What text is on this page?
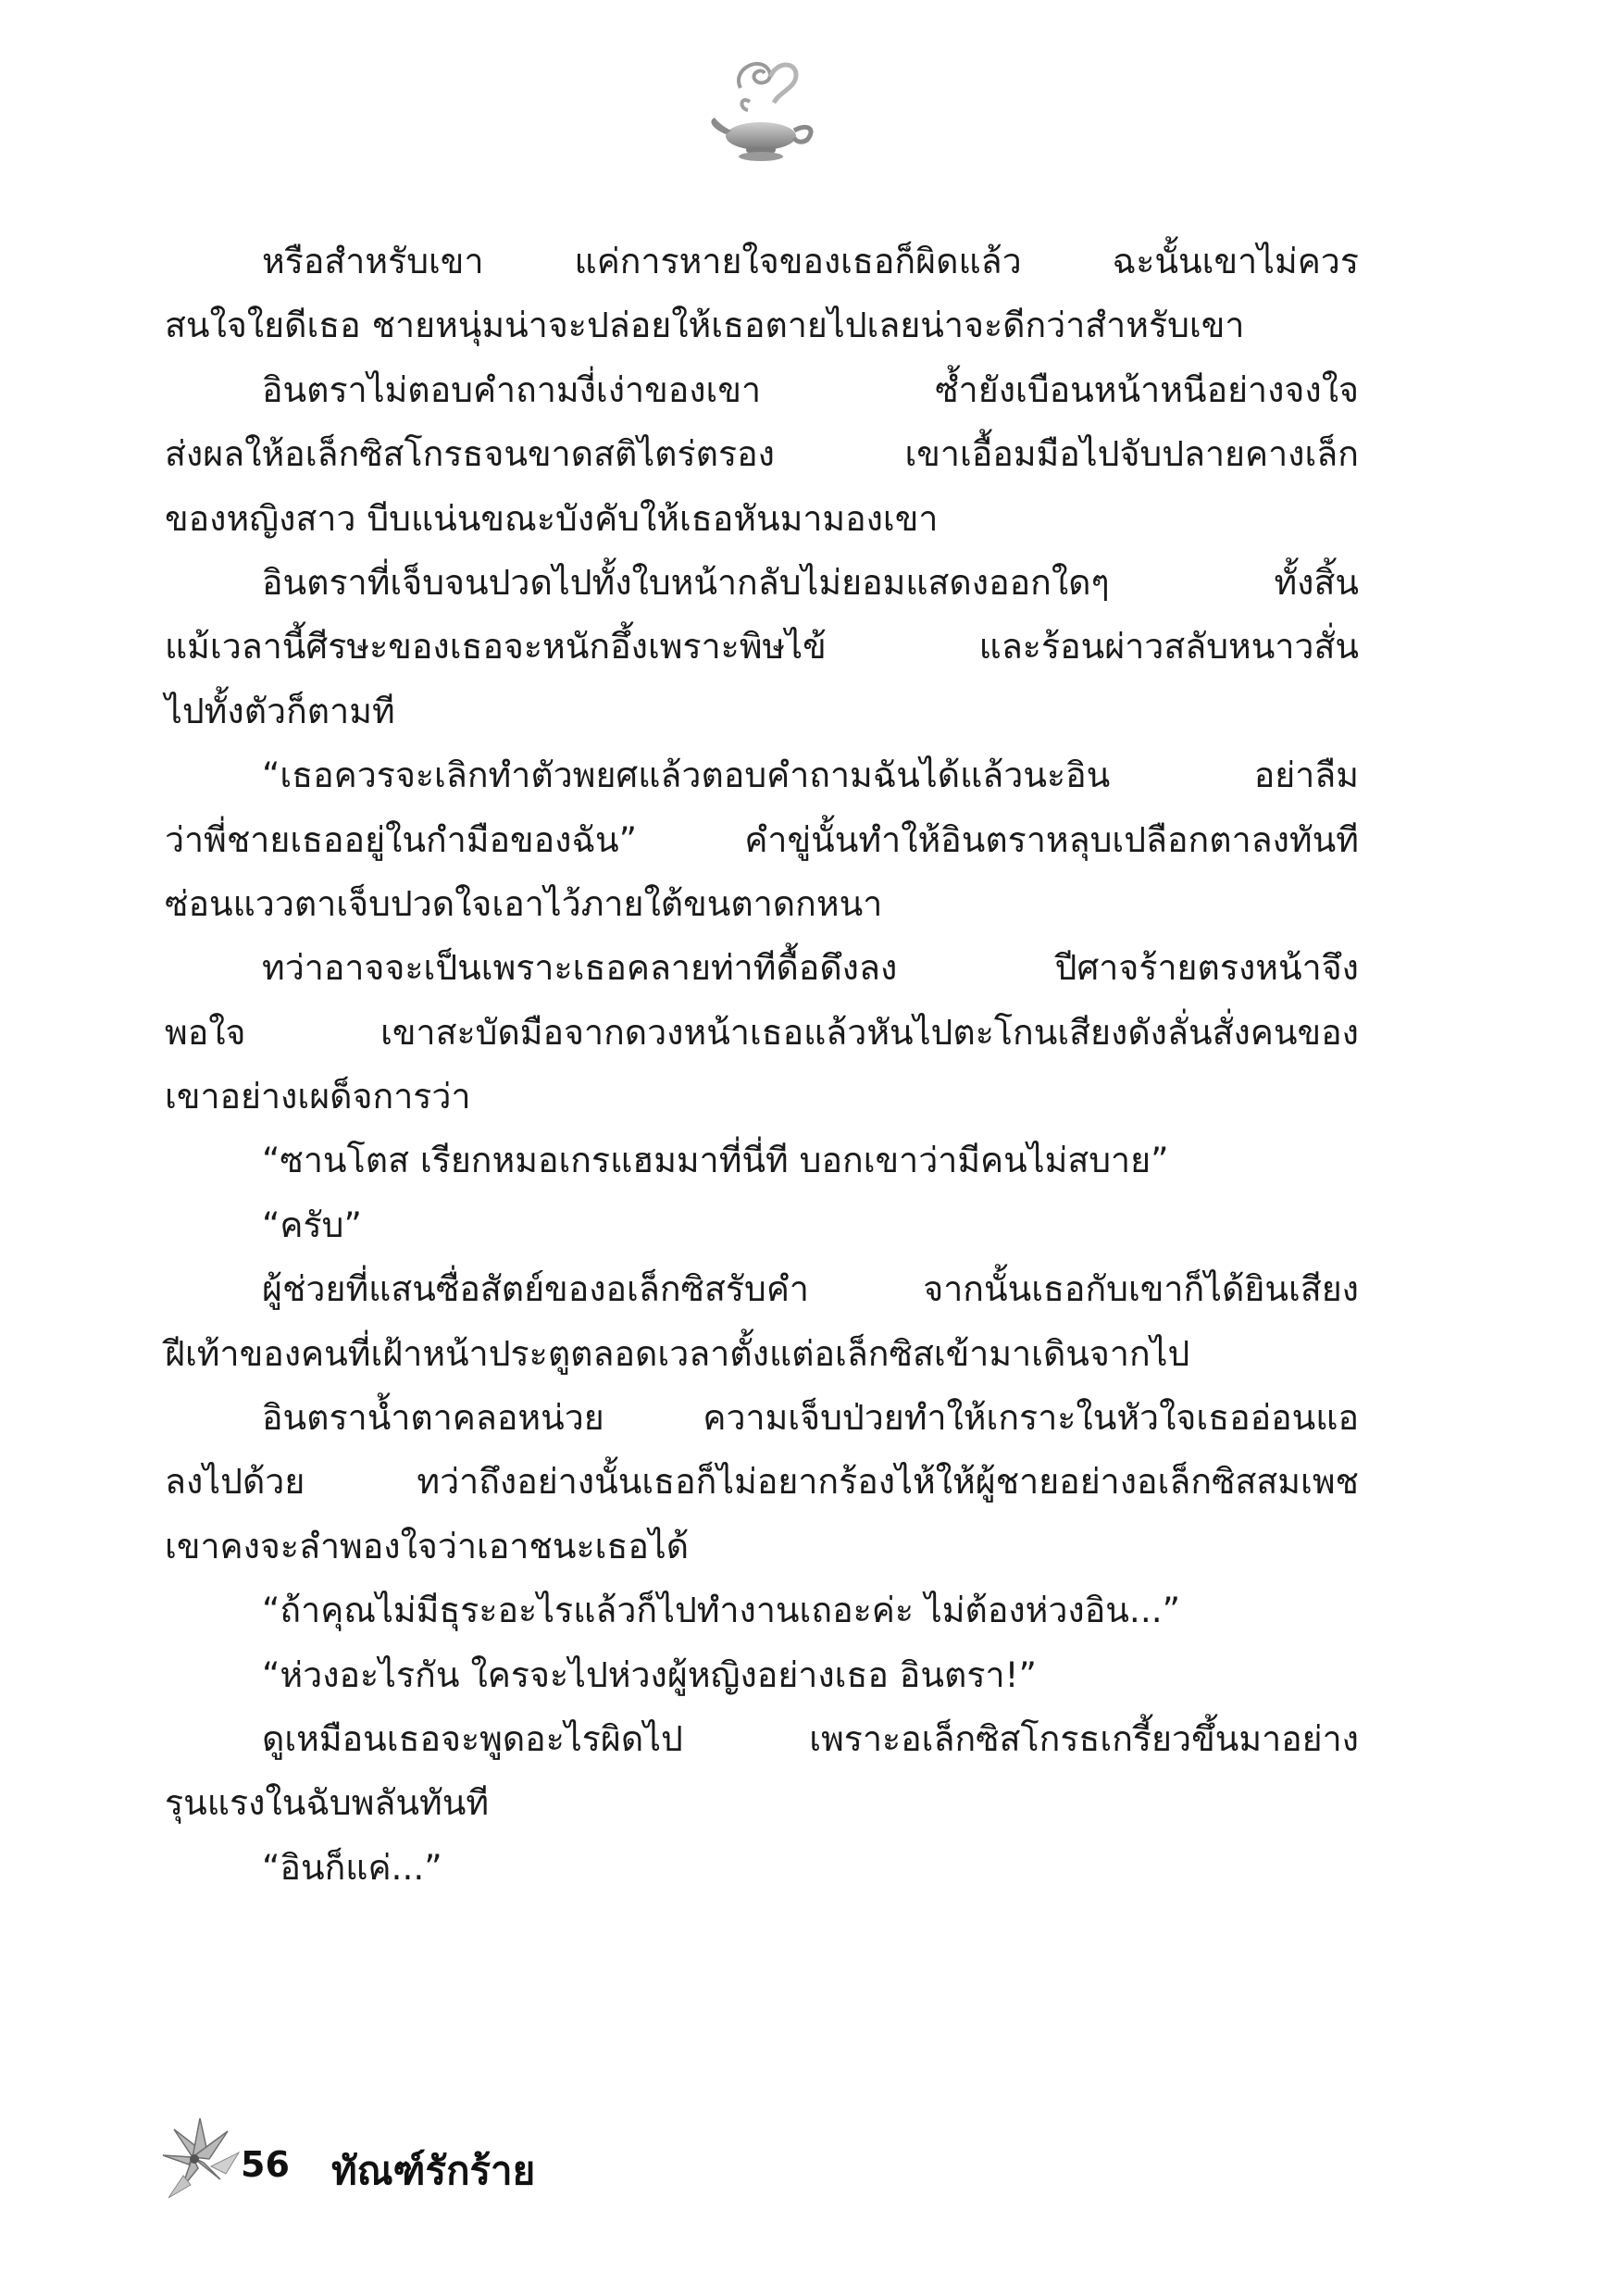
หรือสำหรับเขา แค่การหายใจของเธอก็ผิดแล้ว ฉะนั้นเขาไม่ควร
สนใจใยดีเธอ ชายหนุ่มน่าจะปล่อยให้เธอตายไปเลยน่าจะดีกว่าสำหรับเขา
อินตราไม่ตอบคำถามงี่เง่าของเขา ซ้ำยังเบือนหน้าหนีอย่างจงใจ
ส่งผลให้อเล็กซิสโกรธจนขาดสติไตร่ตรอง เขาเอื้อมมือไปจับปลายคางเล็ก
ของหญิงสาว บีบแน่นขณะบังคับให้เธอหันมามองเขา
อินตราที่เจ็บจนปวดไปทั้งใบหน้ากลับไม่ยอมแสดงออกใดๆ ทั้งสิ้น
แม้เวลานี้ศีรษะของเธอจะหนักอึ้งเพราะพิษไข้ และร้อนผ่าวสลับหนาวสั่น
ไปทั้งตัวก็ตามที
“เธอควรจะเลิกทำตัวพยศแล้วตอบคำถามฉันได้แล้วนะอิน อย่าลืม
ว่าพี่ชายเธออยู่ในกำมือของฉัน” คำขู่นั้นทำให้อินตราหลุบเปลือกตาลงทันที
ซ่อนแววตาเจ็บปวดใจเอาไว้ภายใต้ขนตาดกหนา
ทว่าอาจจะเป็นเพราะเธอคลายท่าทีดื้อดึงลง ปีศาจร้ายตรงหน้าจึง
พอใจ เขาสะบัดมือจากดวงหน้าเธอแล้วหันไปตะโกนเสียงดังลั่นสั่งคนของ
เขาอย่างเผด็จการว่า
“ซานโตส เรียกหมอเกรแฮมมาที่นี่ที บอกเขาว่ามีคนไม่สบาย”
“ครับ”
ผู้ช่วยที่แสนซื่อสัตย์ของอเล็กซิสรับคำ จากนั้นเธอกับเขาก็ได้ยินเสียง
ฝีเท้าของคนที่เฝ้าหน้าประตูตลอดเวลาตั้งแต่อเล็กซิสเข้ามาเดินจากไป
อินตราน้ำตาคลอหน่วย ความเจ็บป่วยทำให้เกราะในหัวใจเธออ่อนแอ
ลงไปด้วย ทว่าถึงอย่างนั้นเธอก็ไม่อยากร้องไห้ให้ผู้ชายอย่างอเล็กซิสสมเพช
เขาคงจะลำพองใจว่าเอาชนะเธอได้
“ถ้าคุณไม่มีธุระอะไรแล้วก็ไปทำงานเถอะค่ะ ไม่ต้องห่วงอิน...”
“ห่วงอะไรกัน ใครจะไปห่วงผู้หญิงอย่างเธอ อินตรา!”
ดูเหมือนเธอจะพูดอะไรผิดไป เพราะอเล็กซิสโกรธเกรี้ยวขึ้นมาอย่าง
รุนแรงในฉับพลันทันที
“อินก็แค่...”
56 ทัณฑ์รักร้าย
